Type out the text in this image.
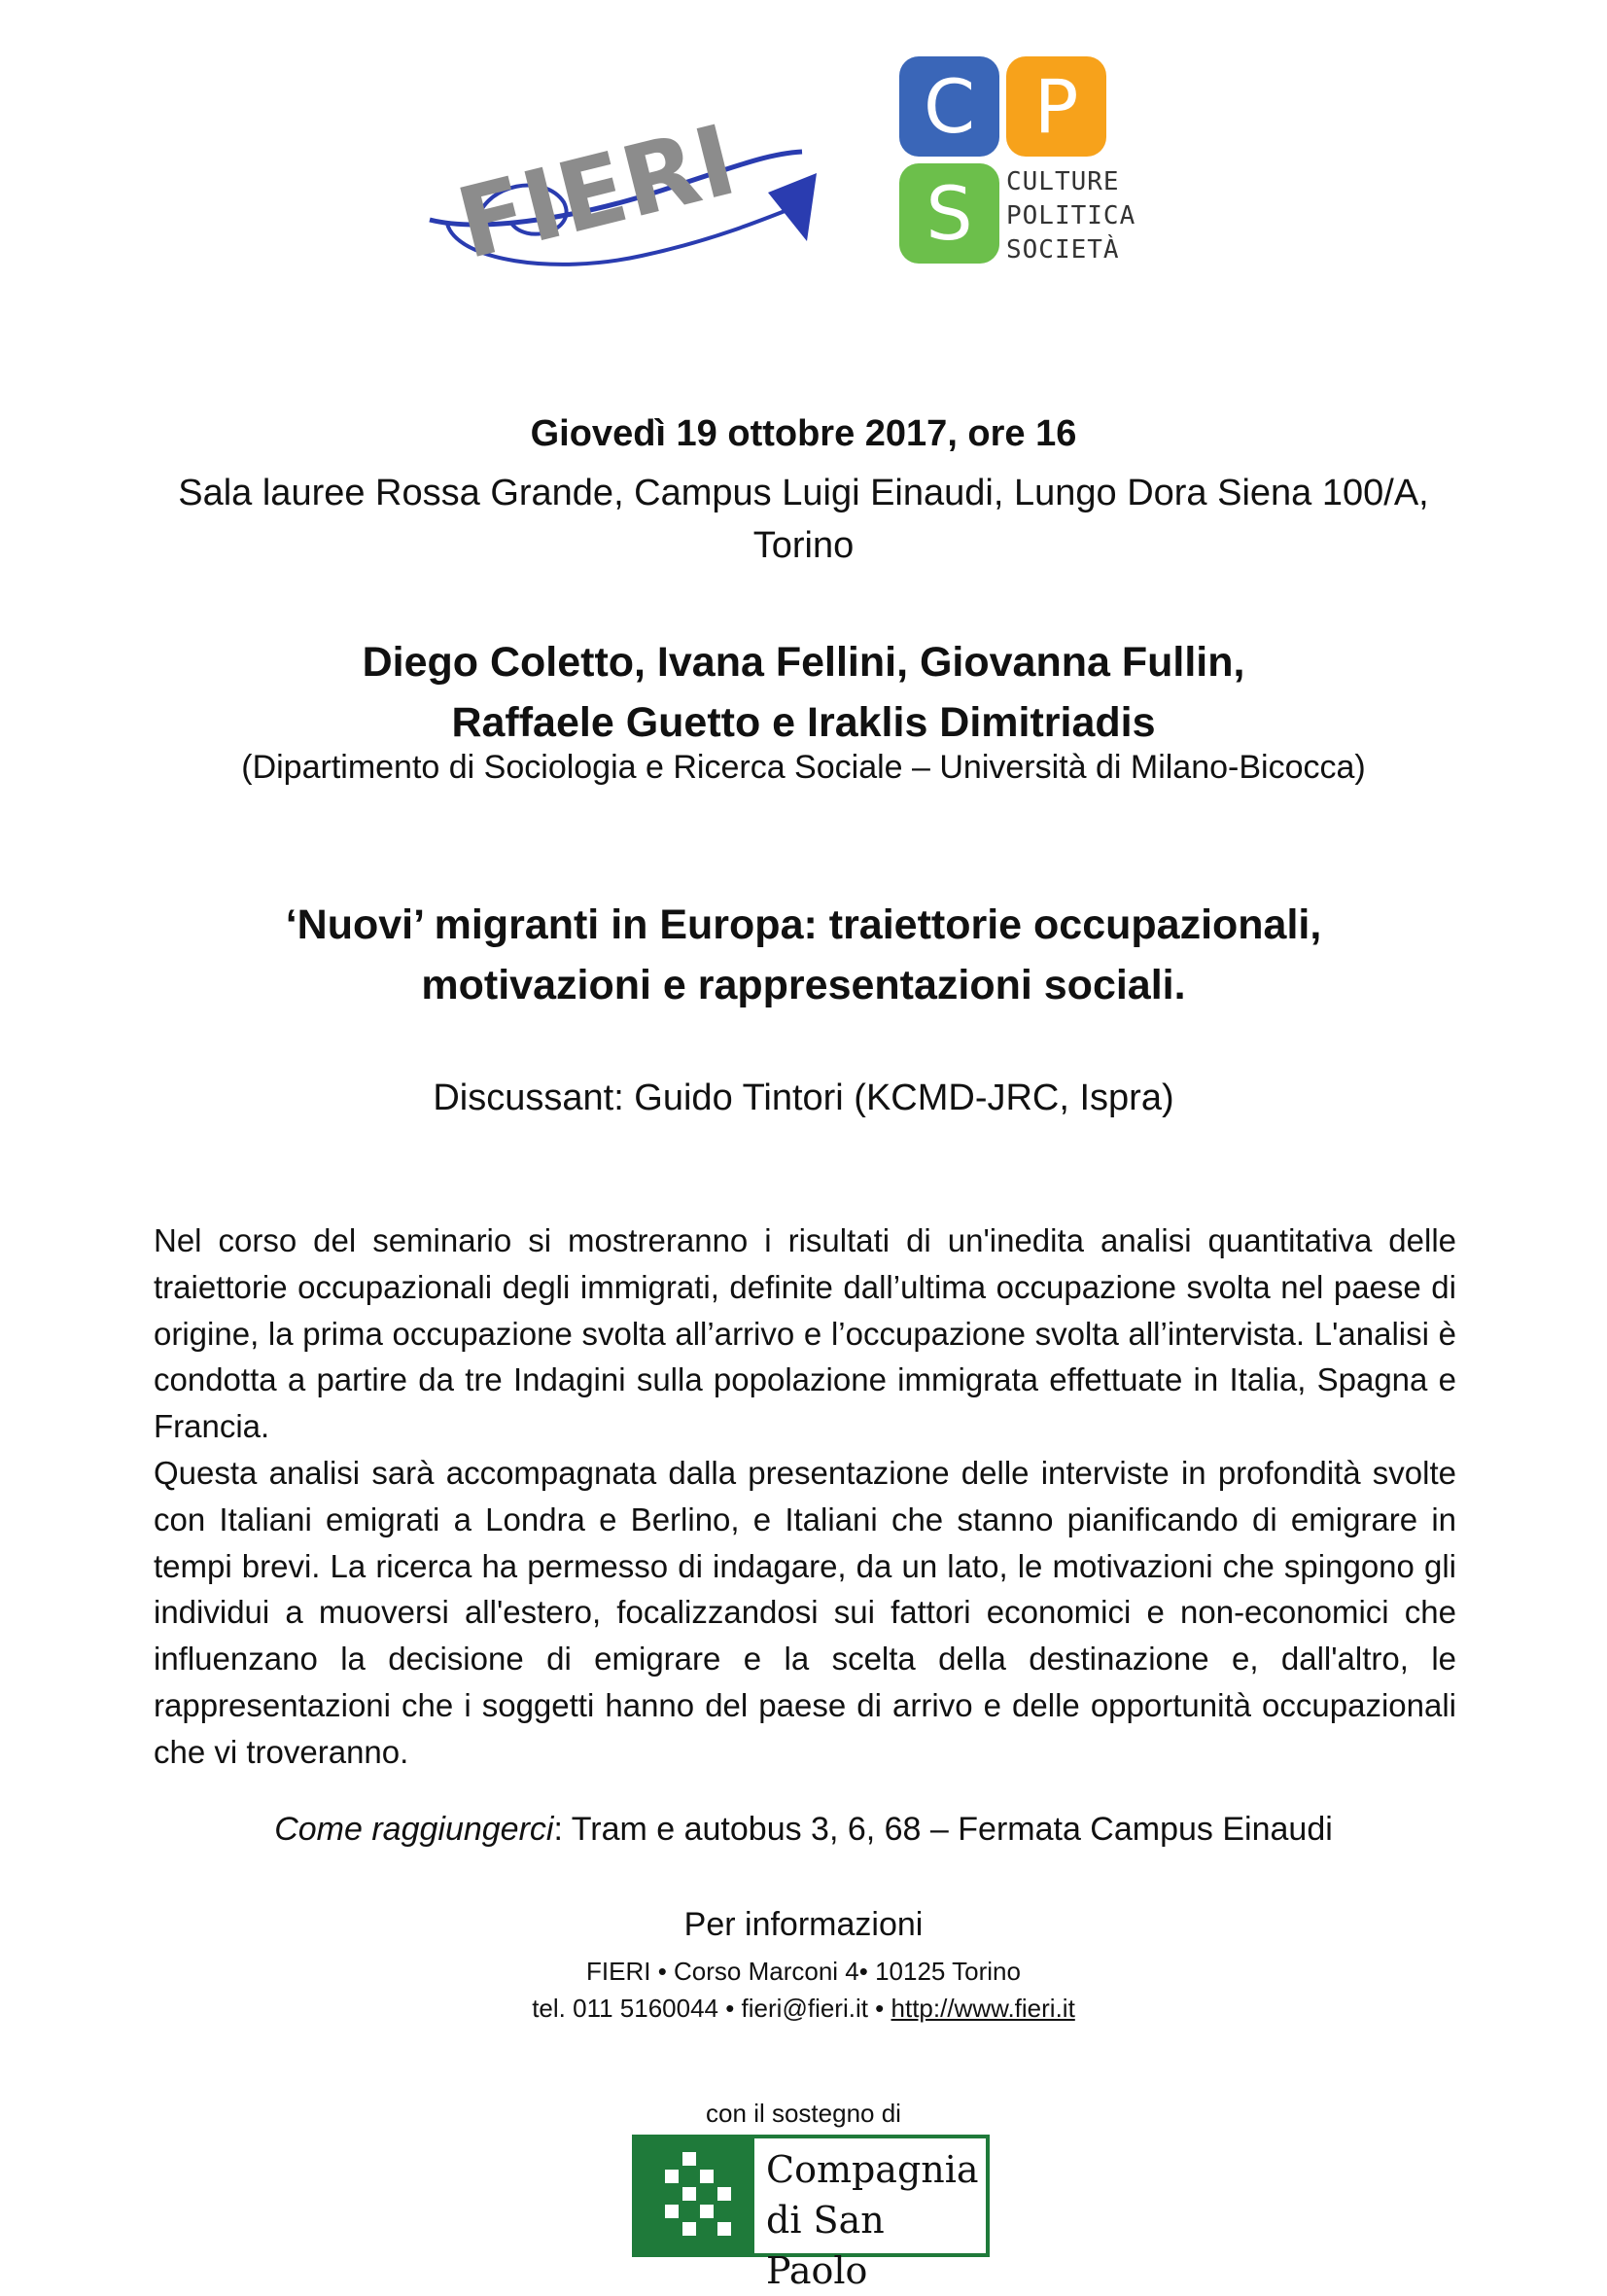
FIERI	C P
S	CULTURE
POLITICA
SOCIETÀ
Giovedì 19 ottobre 2017, ore 16
Sala lauree Rossa Grande, Campus Luigi Einaudi, Lungo Dora Siena 100/A,
Torino
Diego Coletto, Ivana Fellini, Giovanna Fullin,
Raffaele Guetto e Iraklis Dimitriadis
(Dipartimento di Sociologia e Ricerca Sociale – Università di Milano-Bicocca)
‘Nuovi’ migranti in Europa: traiettorie occupazionali,
motivazioni e rappresentazioni sociali.
Discussant: Guido Tintori (KCMD-JRC, Ispra)

Nel corso del seminario si mostreranno i risultati di un'inedita analisi quantitativa delle traiettorie occupazionali degli immigrati, definite dall’ultima occupazione svolta nel paese di origine, la prima occupazione svolta all’arrivo e l’occupazione svolta all’intervista. L'analisi è condotta a partire da tre Indagini sulla popolazione immigrata effettuate in Italia, Spagna e Francia.

Questa analisi sarà accompagnata dalla presentazione delle interviste in profondità svolte con Italiani emigrati a Londra e Berlino, e Italiani che stanno pianificando di emigrare in tempi brevi. La ricerca ha permesso di indagare, da un lato, le motivazioni che spingono gli individui a muoversi all'estero, focalizzandosi sui fattori economici e non-economici che influenzano la decisione di emigrare e la scelta della destinazione e, dall'altro, le rappresentazioni che i soggetti hanno del paese di arrivo e delle opportunità occupazionali che vi troveranno.

Come raggiungerci: Tram e autobus 3, 6, 68 – Fermata Campus Einaudi
Per informazioni
FIERI • Corso Marconi 4• 10125 Torino
tel. 011 5160044 • fieri@fieri.it • http://www.fieri.it
con il sostegno di
Compagnia
di San Paolo
